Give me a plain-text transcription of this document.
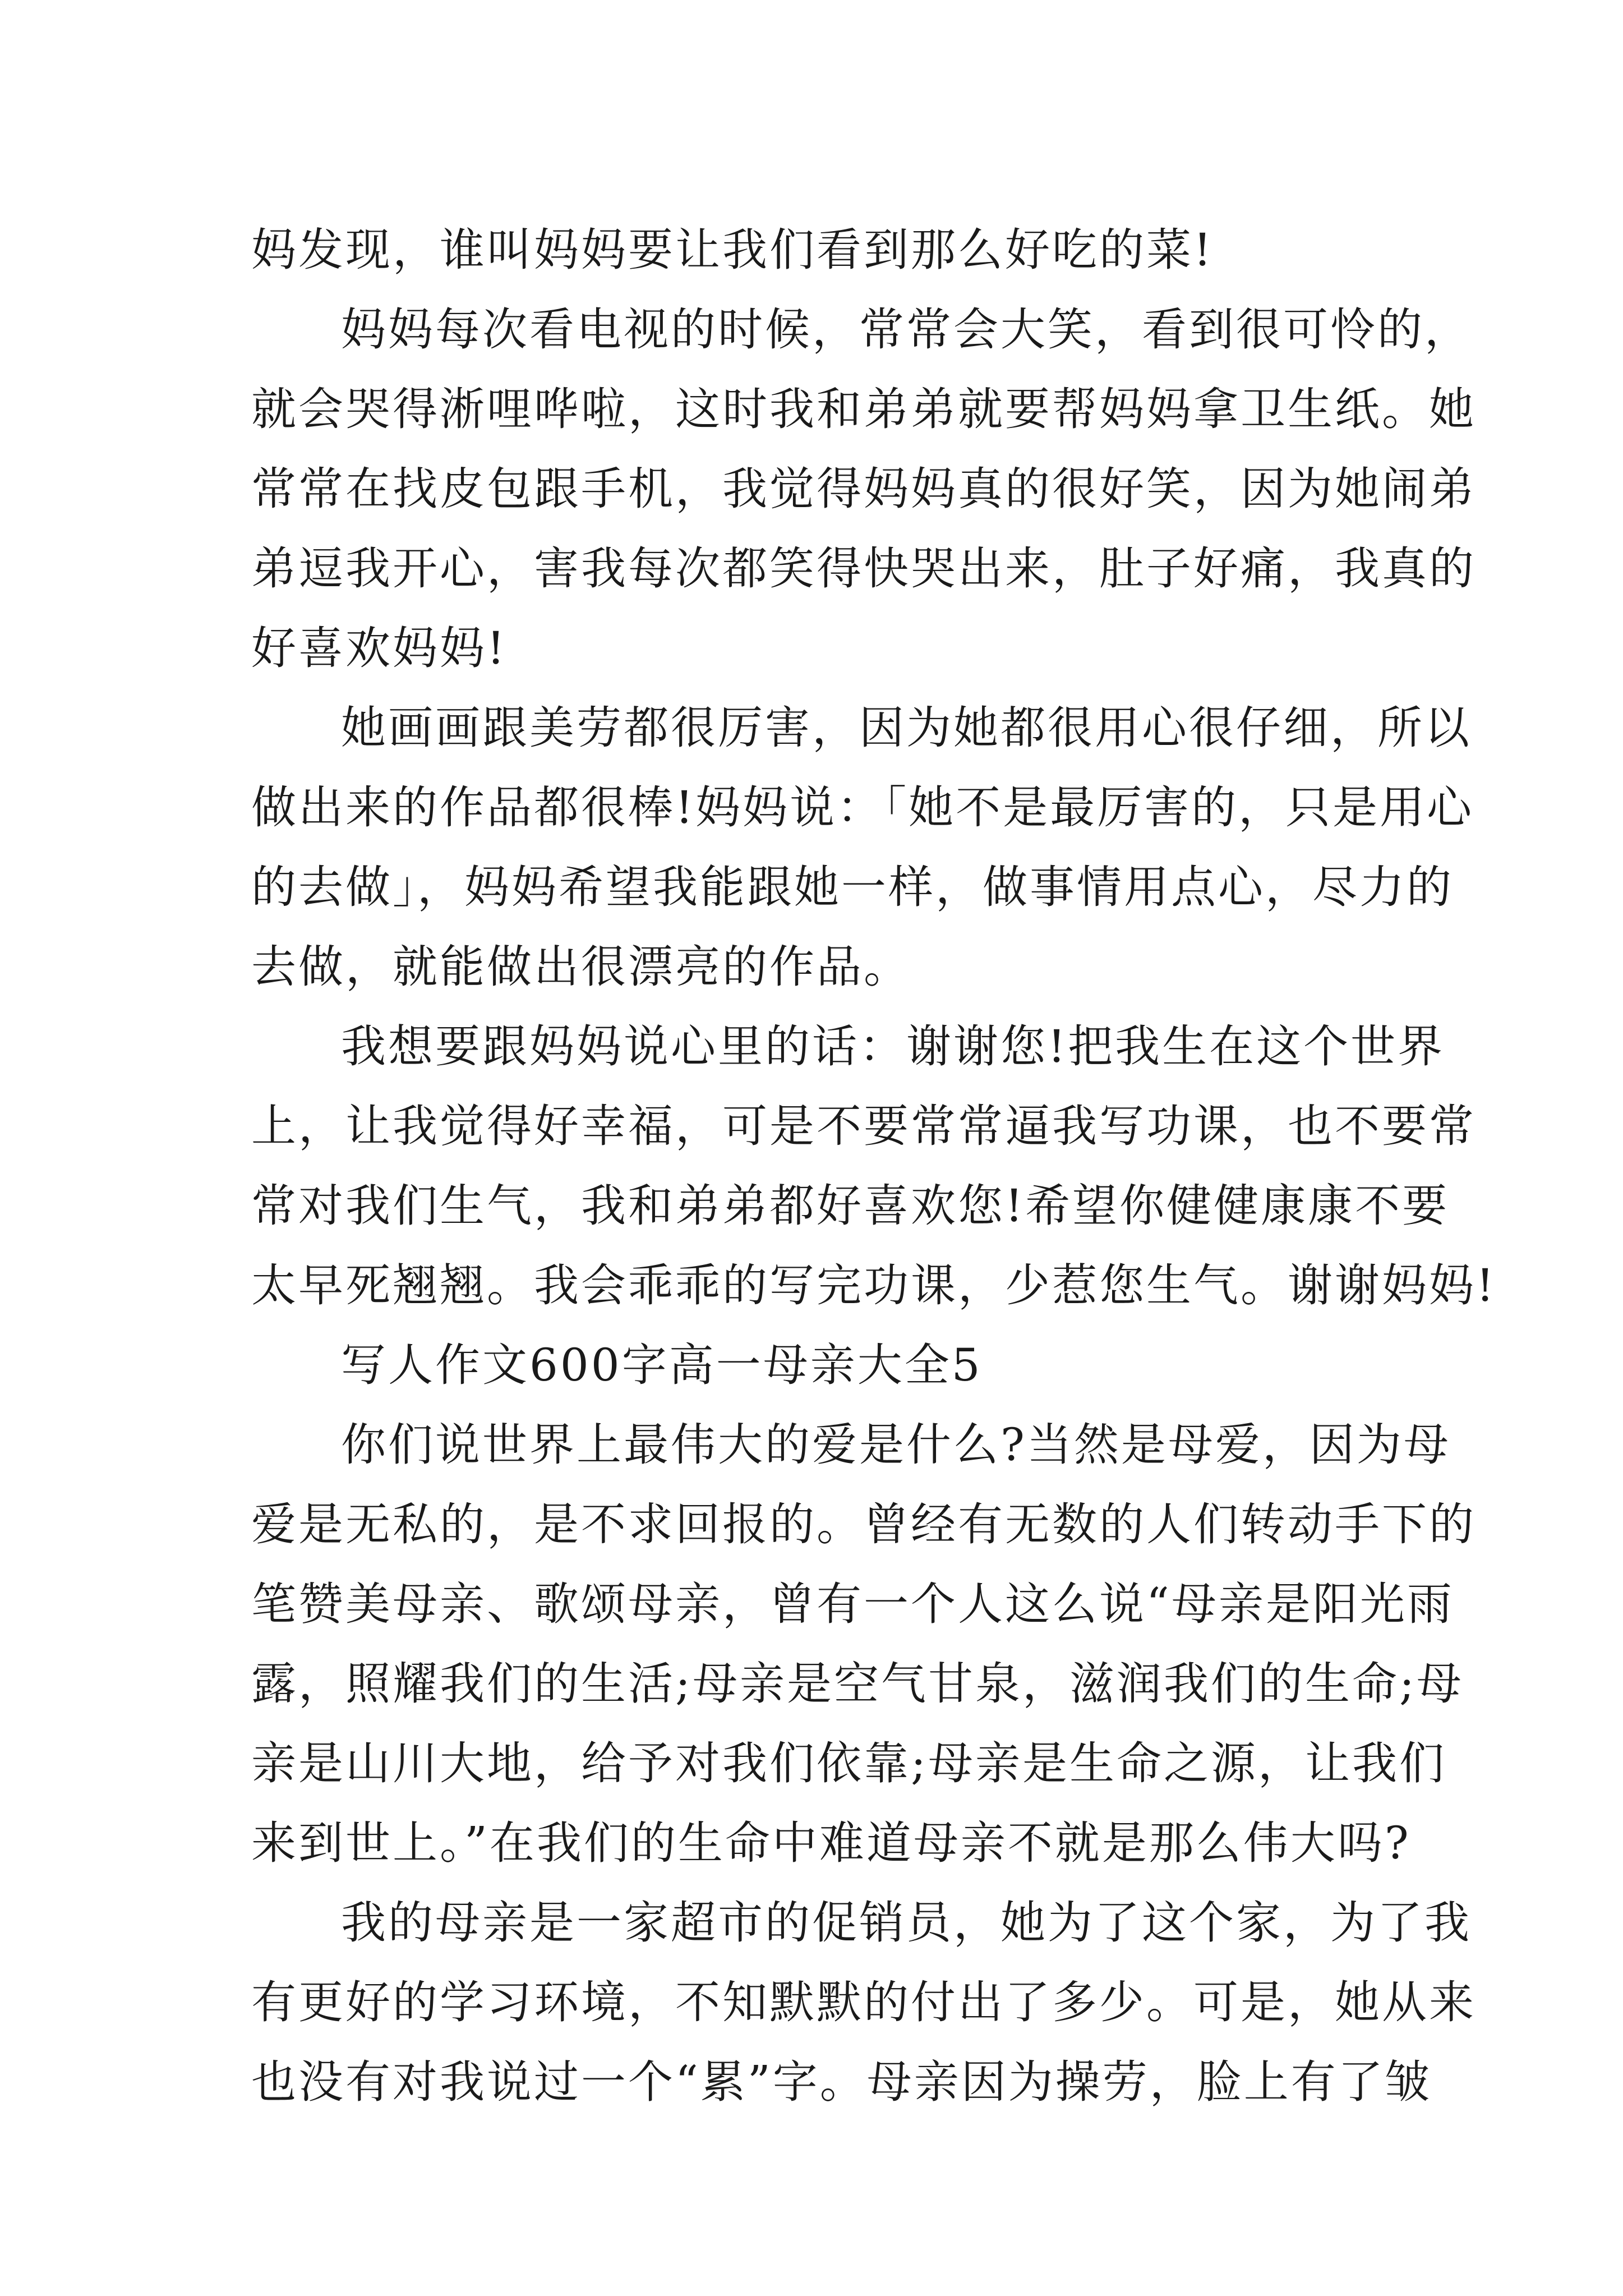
妈发现，谁叫妈妈要让我们看到那么好吃的菜!
妈妈每次看电视的时候，常常会大笑，看到很可怜的，
就会哭得淅哩哗啦，这时我和弟弟就要帮妈妈拿卫生纸。她
常常在找皮包跟手机，我觉得妈妈真的很好笑，因为她闹弟
弟逗我开心，害我每次都笑得快哭出来，肚子好痛，我真的
好喜欢妈妈!
她画画跟美劳都很厉害，因为她都很用心很仔细，所以
做出来的作品都很棒!妈妈说：「她不是最厉害的，只是用心
的去做」，妈妈希望我能跟她一样，做事情用点心，尽力的
去做，就能做出很漂亮的作品。
我想要跟妈妈说心里的话：谢谢您!把我生在这个世界
上，让我觉得好幸福，可是不要常常逼我写功课，也不要常
常对我们生气，我和弟弟都好喜欢您!希望你健健康康不要
太早死翘翘。我会乖乖的写完功课，少惹您生气。谢谢妈妈!
写人作文600字高一母亲大全5
你们说世界上最伟大的爱是什么?当然是母爱，因为母
爱是无私的，是不求回报的。曾经有无数的人们转动手下的
笔赞美母亲、歌颂母亲，曾有一个人这么说“母亲是阳光雨
露，照耀我们的生活;母亲是空气甘泉，滋润我们的生命;母
亲是山川大地，给予对我们依靠;母亲是生命之源，让我们
来到世上。”在我们的生命中难道母亲不就是那么伟大吗?
我的母亲是一家超市的促销员，她为了这个家，为了我
有更好的学习环境，不知默默的付出了多少。可是，她从来
也没有对我说过一个“累”字。母亲因为操劳，脸上有了皱
